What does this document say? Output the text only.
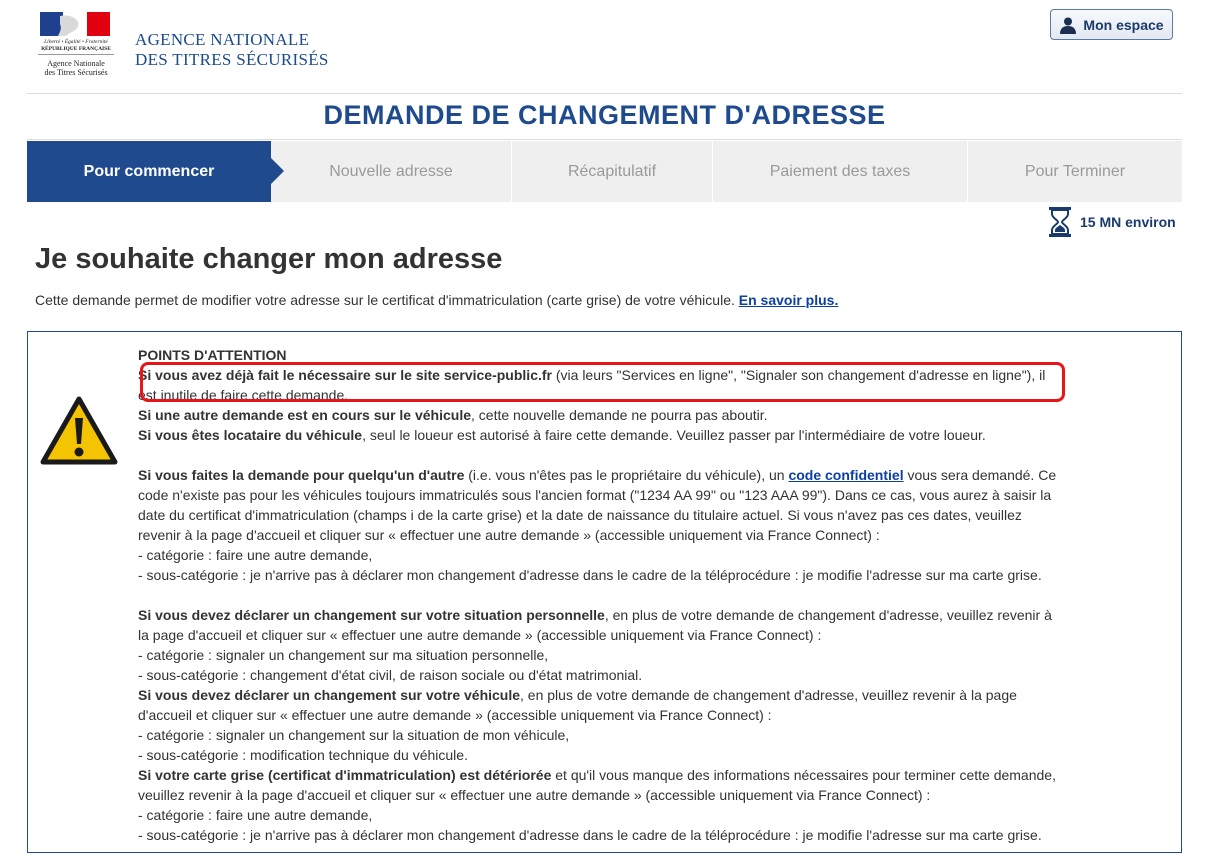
Liberté • Égalité • Fraternité
RÉPUBLIQUE FRANÇAISE
Agence Nationale
des Titres Sécurisés
AGENCE NATIONALE
DES TITRES SÉCURISÉS
Mon espace
DEMANDE DE CHANGEMENT D'ADRESSE
Pour commencer	Nouvelle adresse	Récapitulatif	Paiement des taxes	Pour Terminer
15 MN environ
Je souhaite changer mon adresse
Cette demande permet de modifier votre adresse sur le certificat d'immatriculation (carte grise) de votre véhicule. En savoir plus.

POINTS D'ATTENTION

Si vous avez déjà fait le nécessaire sur le site service-public.fr (via leurs "Services en ligne", "Signaler son changement d'adresse en ligne"), il est inutile de faire cette demande.

Si une autre demande est en cours sur le véhicule, cette nouvelle demande ne pourra pas aboutir.

Si vous êtes locataire du véhicule, seul le loueur est autorisé à faire cette demande. Veuillez passer par l'intermédiaire de votre loueur.

Si vous faites la demande pour quelqu'un d'autre (i.e. vous n'êtes pas le propriétaire du véhicule), un code confidentiel vous sera demandé. Ce code n'existe pas pour les véhicules toujours immatriculés sous l'ancien format ("1234 AA 99" ou "123 AAA 99"). Dans ce cas, vous aurez à saisir la date du certificat d'immatriculation (champs i de la carte grise) et la date de naissance du titulaire actuel. Si vous n'avez pas ces dates, veuillez revenir à la page d'accueil et cliquer sur « effectuer une autre demande » (accessible uniquement via France Connect) :

- catégorie : faire une autre demande,

- sous-catégorie : je n'arrive pas à déclarer mon changement d'adresse dans le cadre de la téléprocédure : je modifie l'adresse sur ma carte grise.

Si vous devez déclarer un changement sur votre situation personnelle, en plus de votre demande de changement d'adresse, veuillez revenir à la page d'accueil et cliquer sur « effectuer une autre demande » (accessible uniquement via France Connect) :

- catégorie : signaler un changement sur ma situation personnelle,

- sous-catégorie : changement d'état civil, de raison sociale ou d'état matrimonial.

Si vous devez déclarer un changement sur votre véhicule, en plus de votre demande de changement d'adresse, veuillez revenir à la page d'accueil et cliquer sur « effectuer une autre demande » (accessible uniquement via France Connect) :

- catégorie : signaler un changement sur la situation de mon véhicule,

- sous-catégorie : modification technique du véhicule.

Si votre carte grise (certificat d'immatriculation) est détériorée et qu'il vous manque des informations nécessaires pour terminer cette demande, veuillez revenir à la page d'accueil et cliquer sur « effectuer une autre demande » (accessible uniquement via France Connect) :

- catégorie : faire une autre demande,

- sous-catégorie : je n'arrive pas à déclarer mon changement d'adresse dans le cadre de la téléprocédure : je modifie l'adresse sur ma carte grise.
